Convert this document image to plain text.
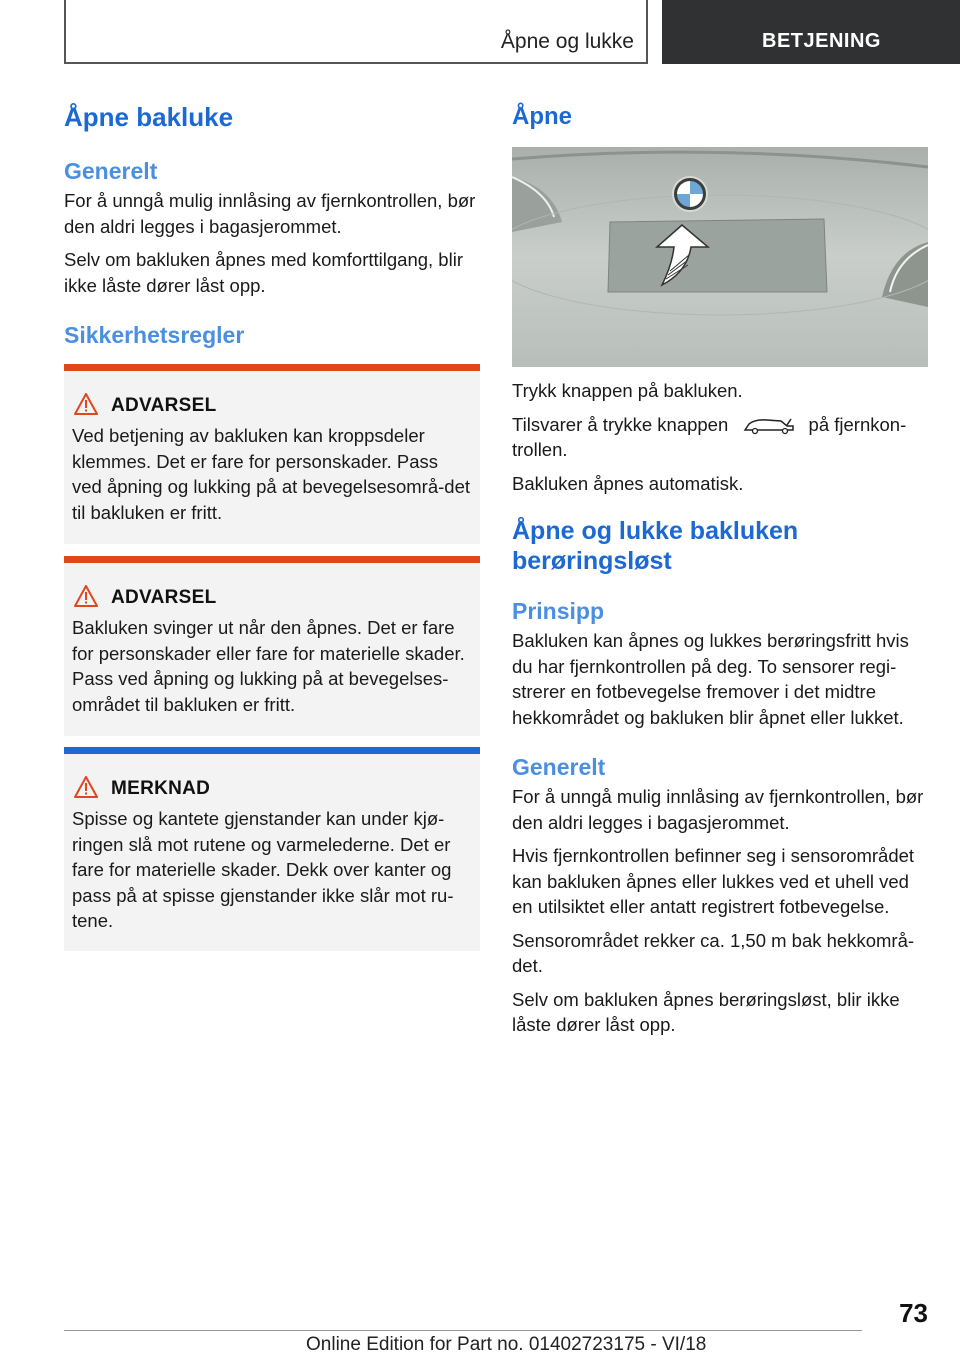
Åpne og lukke	BETJENING
Åpne bakluke
Generelt

For å unngå mulig innlåsing av fjernkontrollen, bør den aldri legges i bagasjerommet.

Selv om bakluken åpnes med komforttilgang, blir ikke låste dører låst opp.

Sikkerhetsregler
ADVARSEL

Ved betjening av bakluken kan kroppsdeler klemmes. Det er fare for personskader. Pass ved åpning og lukking på at bevegelsesområ‐det til bakluken er fritt.

ADVARSEL

Bakluken svinger ut når den åpnes. Det er fare for personskader eller fare for materielle skader. Pass ved åpning og lukking på at bevegelses‐området til bakluken er fritt.

MERKNAD

Spisse og kantete gjenstander kan under kjø‐ringen slå mot rutene og varmelederne. Det er fare for materielle skader. Dekk over kanter og pass på at spisse gjenstander ikke slår mot ru‐tene.

Åpne

Trykk knappen på bakluken.

Tilsvarer å trykke knappen	på fjernkon‐trollen.

Bakluken åpnes automatisk.

Åpne og lukke bakluken berøringsløst
Prinsipp

Bakluken kan åpnes og lukkes berøringsfritt hvis du har fjernkontrollen på deg. To sensorer regi‐strerer en fotbevegelse fremover i det midtre hekkområdet og bakluken blir åpnet eller lukket.

Generelt

For å unngå mulig innlåsing av fjernkontrollen, bør den aldri legges i bagasjerommet.

Hvis fjernkontrollen befinner seg i sensorområdet kan bakluken åpnes eller lukkes ved et uhell ved en utilsiktet eller antatt registrert fotbevegelse.

Sensorområdet rekker ca. 1,50 m bak hekkområ‐det.

Selv om bakluken åpnes berøringsløst, blir ikke låste dører låst opp.

73
Online Edition for Part no. 01402723175 - VI/18
